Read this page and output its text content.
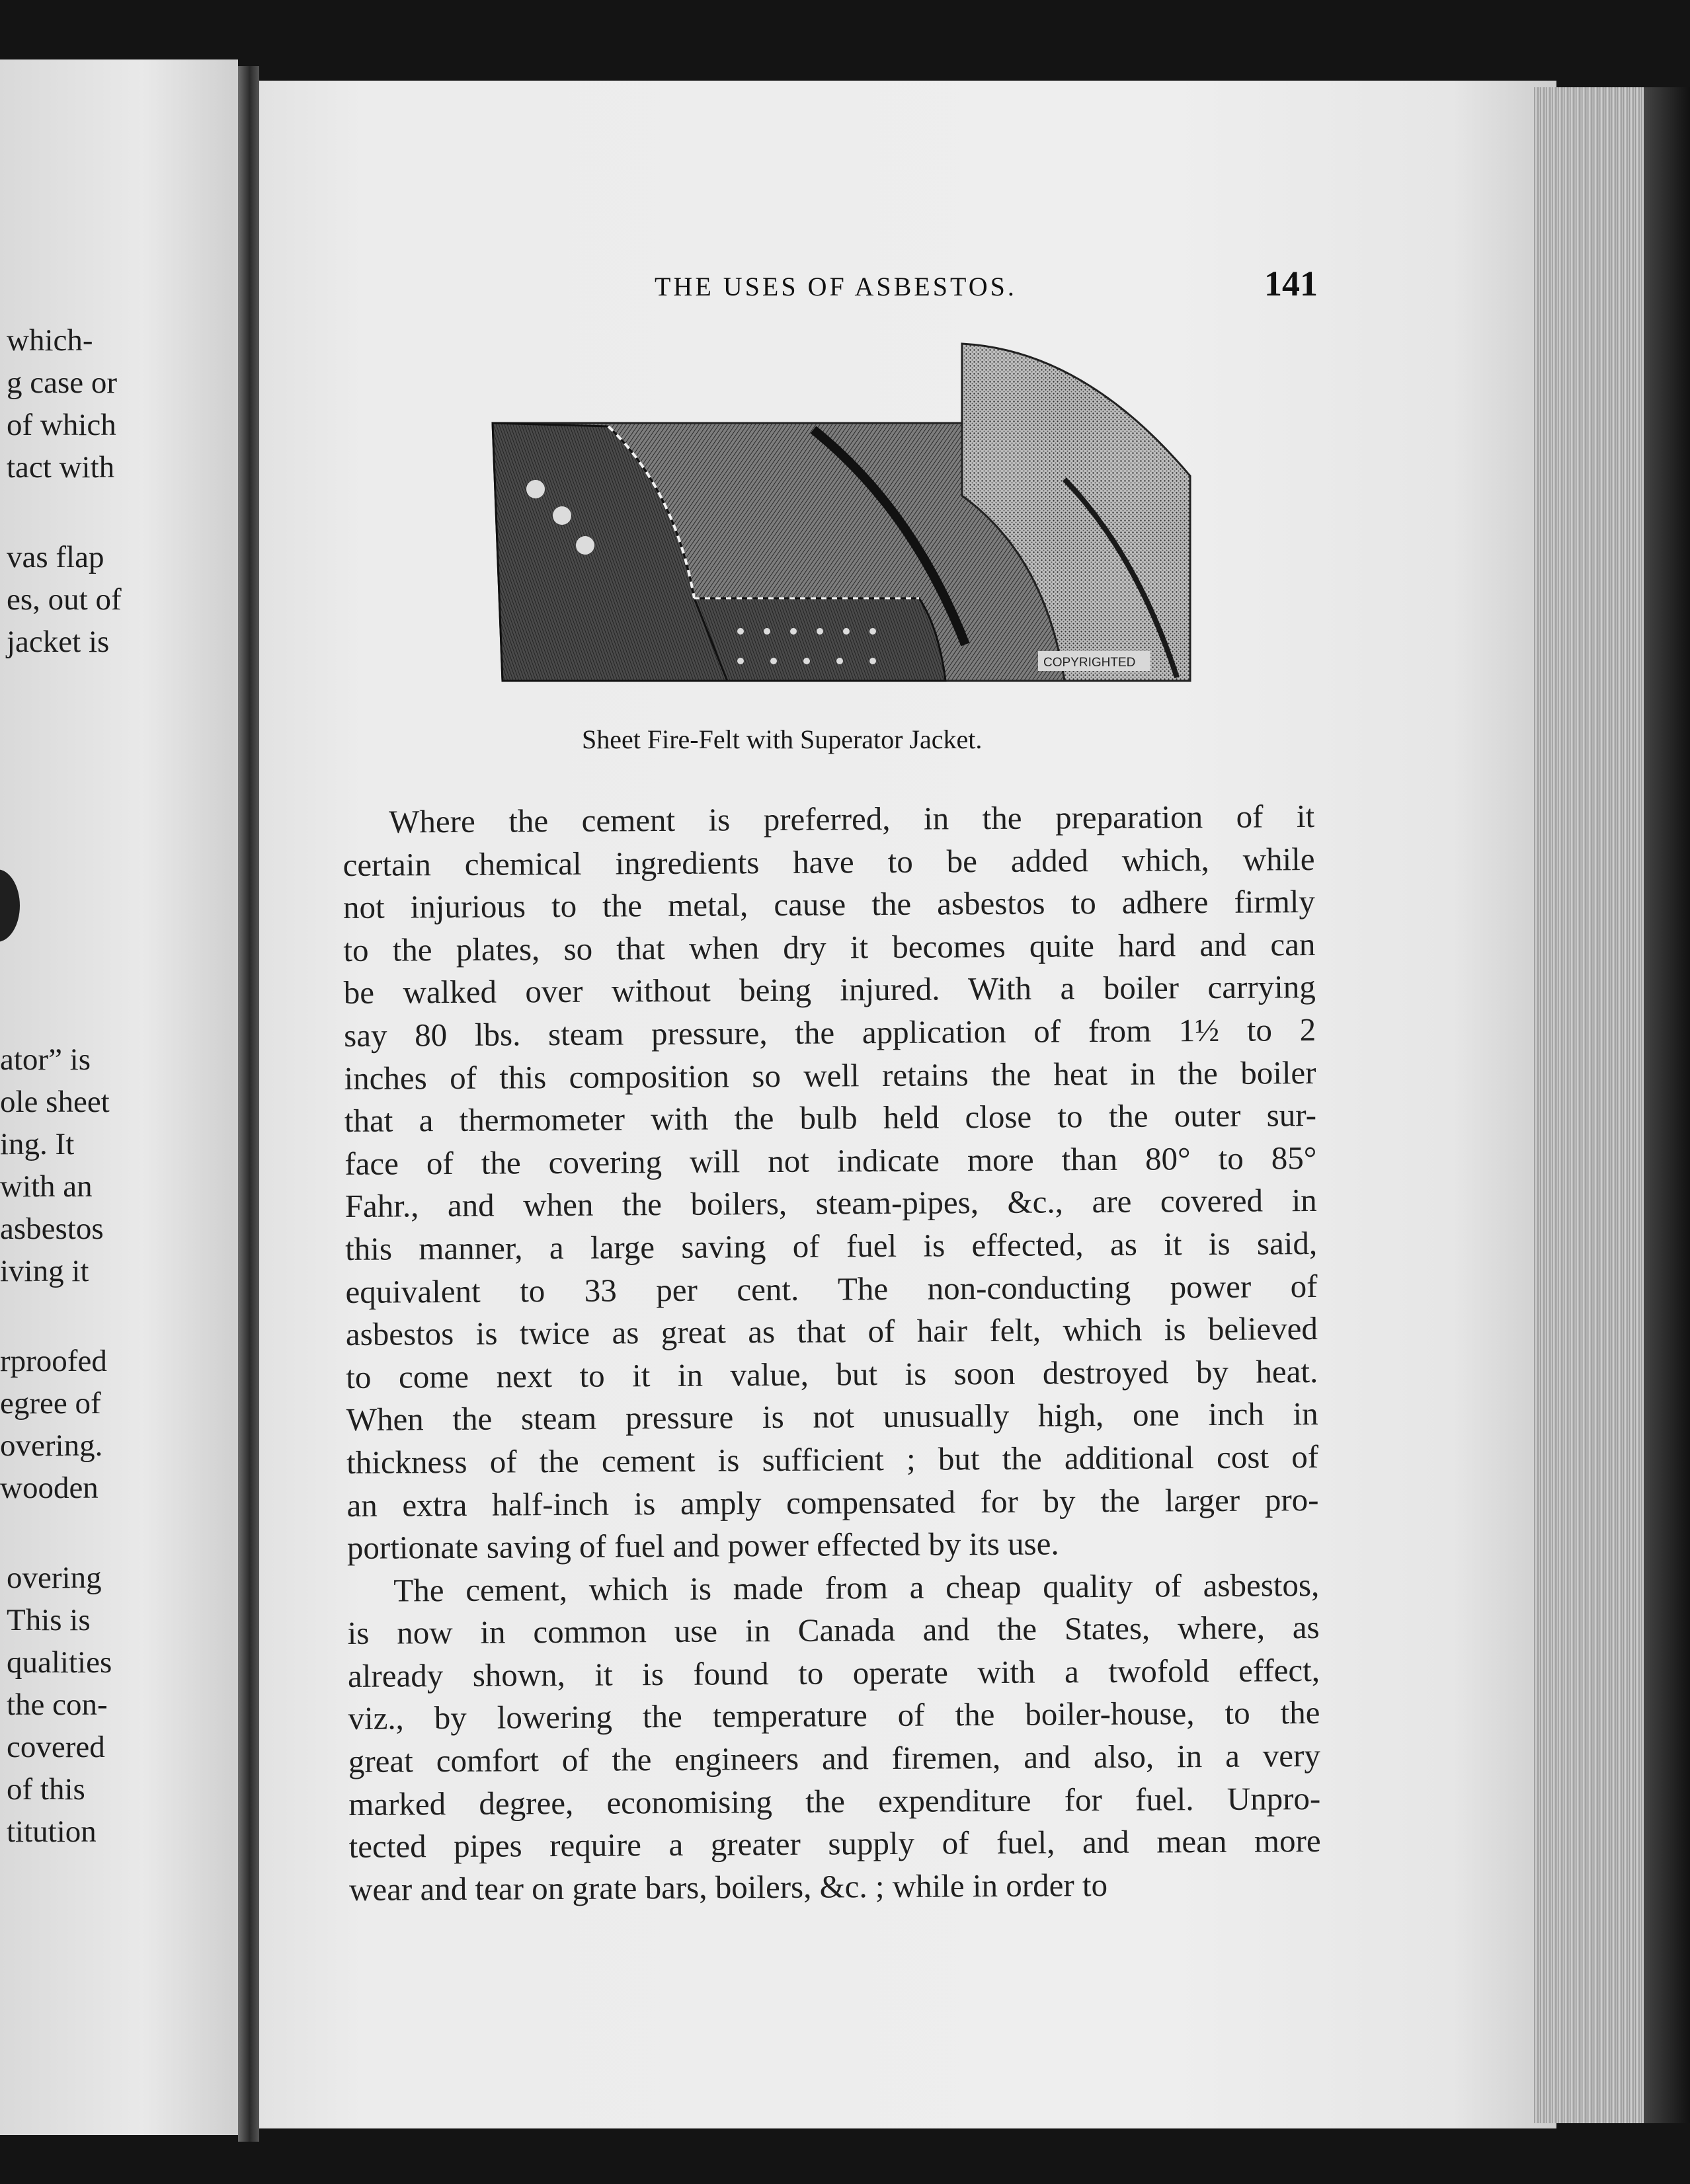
which-

g case or

of which

tact with

vas flap

es, out of

jacket is

ator” is

ole sheet

ing. It

with an

asbestos

iving it

rproofed

egree of

overing.

wooden

overing

This is

qualities

the con-

covered

of this

titution

THE USES OF ASBESTOS.	141

COPYRIGHTED

Sheet Fire-Felt with Superator Jacket.

Where the cement is preferred, in the preparation of it
certain chemical ingredients have to be added which, while
not injurious to the metal, cause the asbestos to adhere firmly
to the plates, so that when dry it becomes quite hard and can
be walked over without being injured. With a boiler carrying
say 80 lbs. steam pressure, the application of from 1½ to 2
inches of this composition so well retains the heat in the boiler
that a thermometer with the bulb held close to the outer sur-
face of the covering will not indicate more than 80° to 85°
Fahr., and when the boilers, steam-pipes, &c., are covered in
this manner, a large saving of fuel is effected, as it is said,
equivalent to 33 per cent. The non-conducting power of
asbestos is twice as great as that of hair felt, which is believed
to come next to it in value, but is soon destroyed by heat.
When the steam pressure is not unusually high, one inch in
thickness of the cement is sufficient ; but the additional cost of
an extra half-inch is amply compensated for by the larger pro-
portionate saving of fuel and power effected by its use.
The cement, which is made from a cheap quality of asbestos,
is now in common use in Canada and the States, where, as
already shown, it is found to operate with a twofold effect,
viz., by lowering the temperature of the boiler-house, to the
great comfort of the engineers and firemen, and also, in a very
marked degree, economising the expenditure for fuel. Unpro-
tected pipes require a greater supply of fuel, and mean more
wear and tear on grate bars, boilers, &c. ; while in order to
